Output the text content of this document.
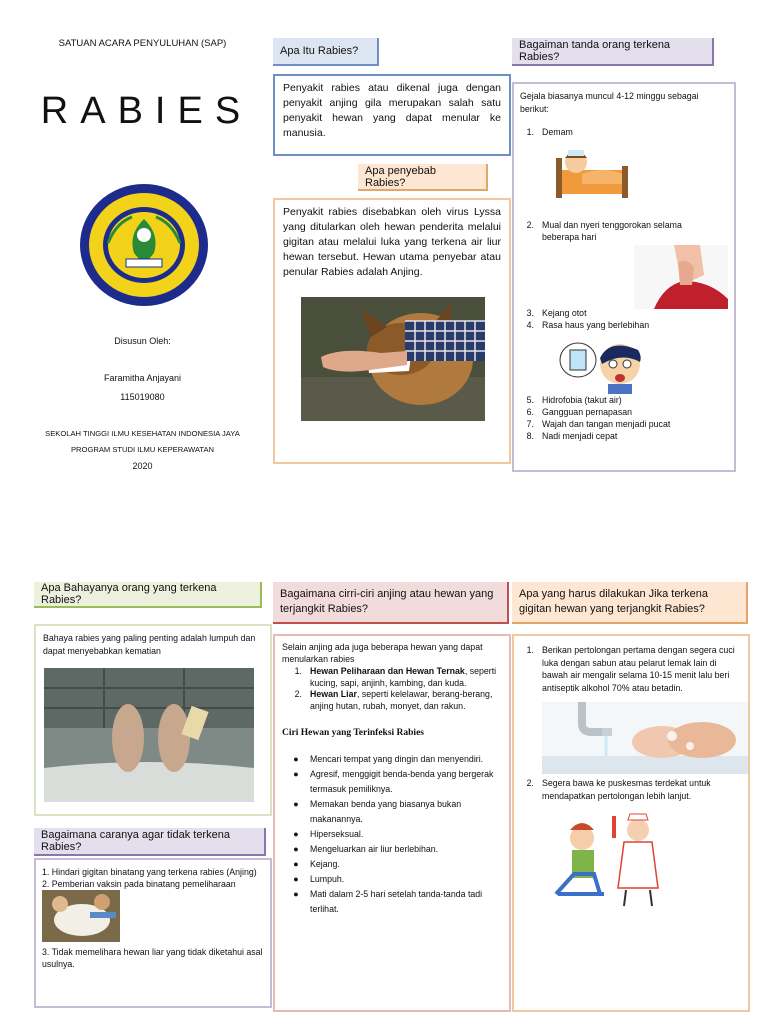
SATUAN ACARA PENYULUHAN (SAP)
RABIES
Disusun Oleh:
Faramitha Anjayani
115019080
SEKOLAH TINGGI ILMU KESEHATAN INDONESIA JAYA
PROGRAM STUDI ILMU KEPERAWATAN
2020
Apa Itu Rabies?
Penyakit rabies atau dikenal juga dengan penyakit anjing gila merupakan salah satu penyakit hewan yang dapat menular ke manusia.
Apa penyebab Rabies?
Penyakit rabies disebabkan oleh virus Lyssa yang ditularkan oleh hewan penderita melalui gigitan atau melalui luka yang terkena air liur hewan tersebut. Hewan utama penyebar atau penular Rabies adalah Anjing.
Bagaiman tanda orang terkena Rabies?
Gejala biasanya muncul 4-12 minggu sebagai berikut:
1. Demam
2. Mual dan nyeri tenggorokan selama beberapa hari
3. Kejang otot
4. Rasa haus yang berlebihan
5. Hidrofobia (takut air)
6. Gangguan pernapasan
7. Wajah dan tangan menjadi pucat
8. Nadi menjadi cepat
Apa Bahayanya orang yang terkena Rabies?
Bahaya rabies yang paling penting adalah lumpuh dan dapat menyebabkan kematian
Bagaimana caranya agar tidak terkena Rabies?
1. Hindari gigitan binatang yang terkena rabies (Anjing)
2. Pemberian vaksin pada binatang pemeliharaan
3. Tidak memelihara hewan liar yang tidak diketahui asal usulnya.
Bagaimana cirri-ciri anjing atau hewan yang terjangkit Rabies?
Selain anjing ada juga beberapa hewan yang dapat menularkan rabies
1. Hewan Peliharaan dan Hewan Ternak, seperti kucing, sapi, anjinh, kambing, dan kuda.
2. Hewan Liar, seperti kelelawar, berang-berang, anjing hutan, rubah, monyet, dan rakun.
Ciri Hewan yang Terinfeksi Rabies
●	Mencari tempat yang dingin dan menyendiri.
●	Agresif, menggigit benda-benda yang bergerak termasuk pemiliknya.
●	Memakan benda yang biasanya bukan makanannya.
●	Hiperseksual.
●	Mengeluarkan air liur berlebihan.
●	Kejang.
●	Lumpuh.
●	Mati dalam 2-5 hari setelah tanda-tanda tadi terlihat.
Apa yang harus dilakukan Jika terkena gigitan hewan yang terjangkit Rabies?
1. Berikan pertolongan pertama dengan segera cuci luka dengan sabun atau pelarut lemak lain di bawah air mengalir selama 10-15 menit lalu beri antiseptik alkohol 70% atau betadin.
2. Segera bawa ke puskesmas terdekat untuk mendapatkan pertolongan lebih lanjut.
